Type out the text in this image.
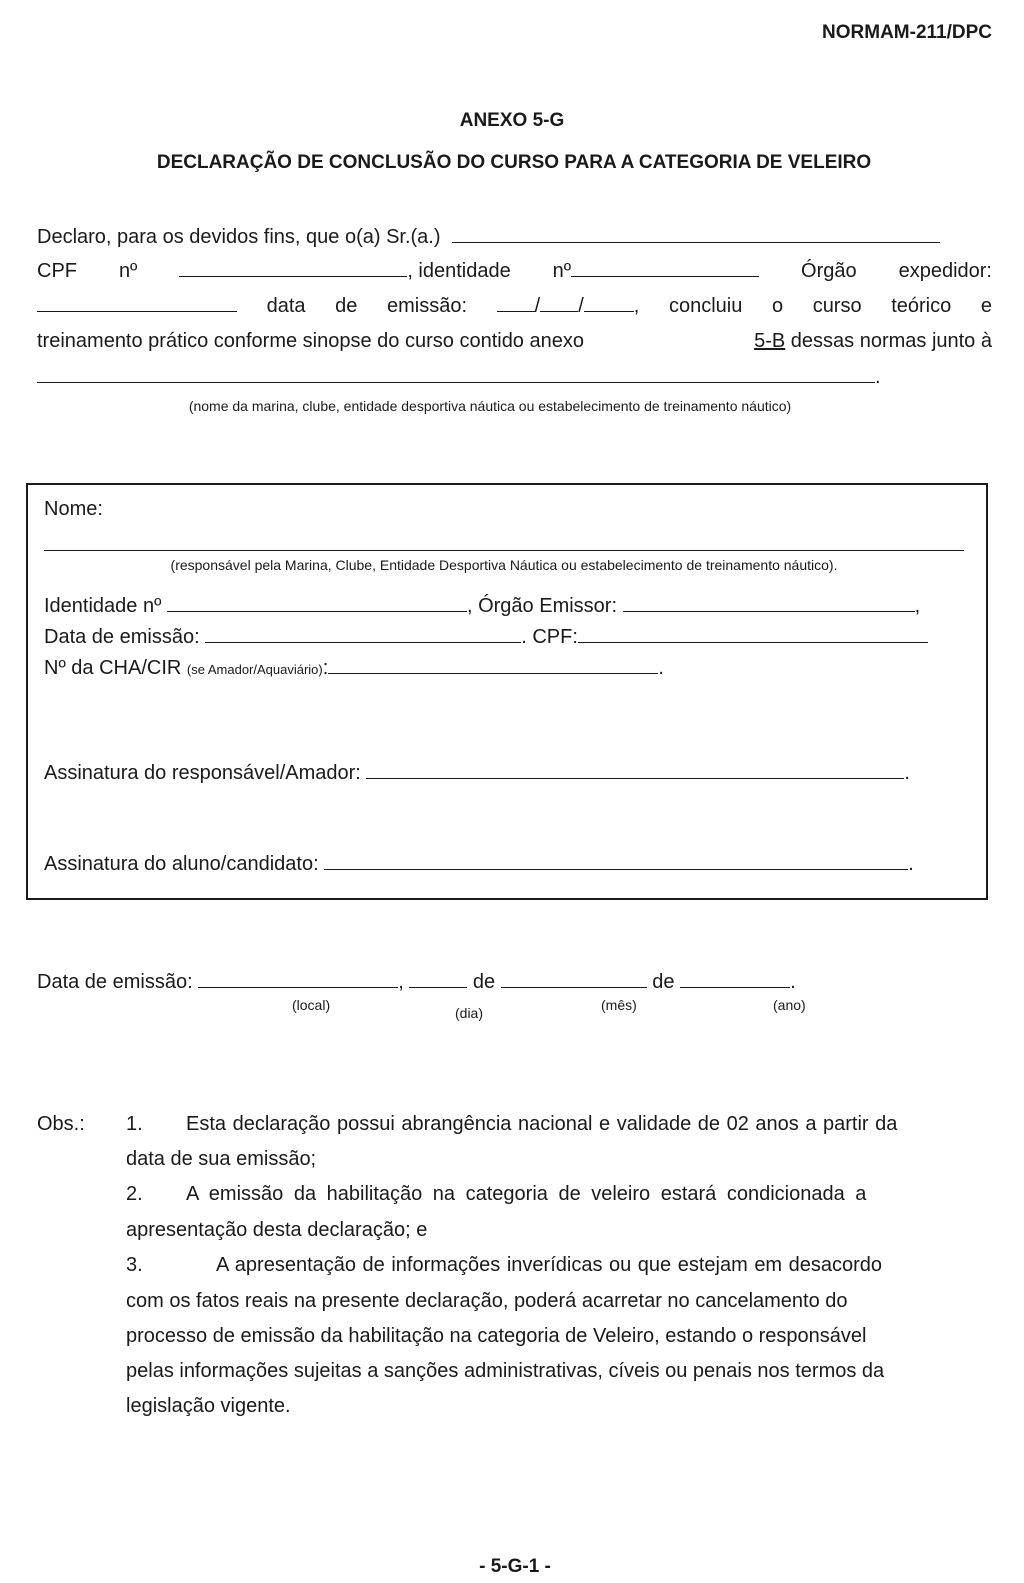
NORMAM-211/DPC
ANEXO 5-G
DECLARAÇÃO DE CONCLUSÃO DO CURSO PARA A CATEGORIA DE VELEIRO
Declaro, para os devidos fins, que o(a) Sr.(a.)
CPF nº	, identidade nº	Órgão expedidor:
data de emissão:	/ /	, concluiu o curso teórico e
treinamento prático conforme sinopse do curso contido anexo	5-B dessas normas junto à
.
(nome da marina, clube, entidade desportiva náutica ou estabelecimento de treinamento náutico)
Nome:
(responsável pela Marina, Clube, Entidade Desportiva Náutica ou estabelecimento de treinamento náutico).
Identidade nº	, Órgão Emissor:	,
Data de emissão:	. CPF:
Nº da CHA/CIR (se Amador/Aquaviário):	.
Assinatura do responsável/Amador:	.
Assinatura do aluno/candidato:	.
Data de emissão:	,	de	de	.
(local)	(dia)	(mês)	(ano)
Obs.: 1. Esta declaração possui abrangência nacional e validade de 02 anos a partir da
data de sua emissão;
2. A emissão da habilitação na categoria de veleiro estará condicionada a
apresentação desta declaração; e
3.	A apresentação de informações inverídicas ou que estejam em desacordo
com os fatos reais na presente declaração, poderá acarretar no cancelamento do
processo de emissão da habilitação na categoria de Veleiro, estando o responsável
pelas informações sujeitas a sanções administrativas, cíveis ou penais nos termos da
legislação vigente.
- 5-G-1 -
